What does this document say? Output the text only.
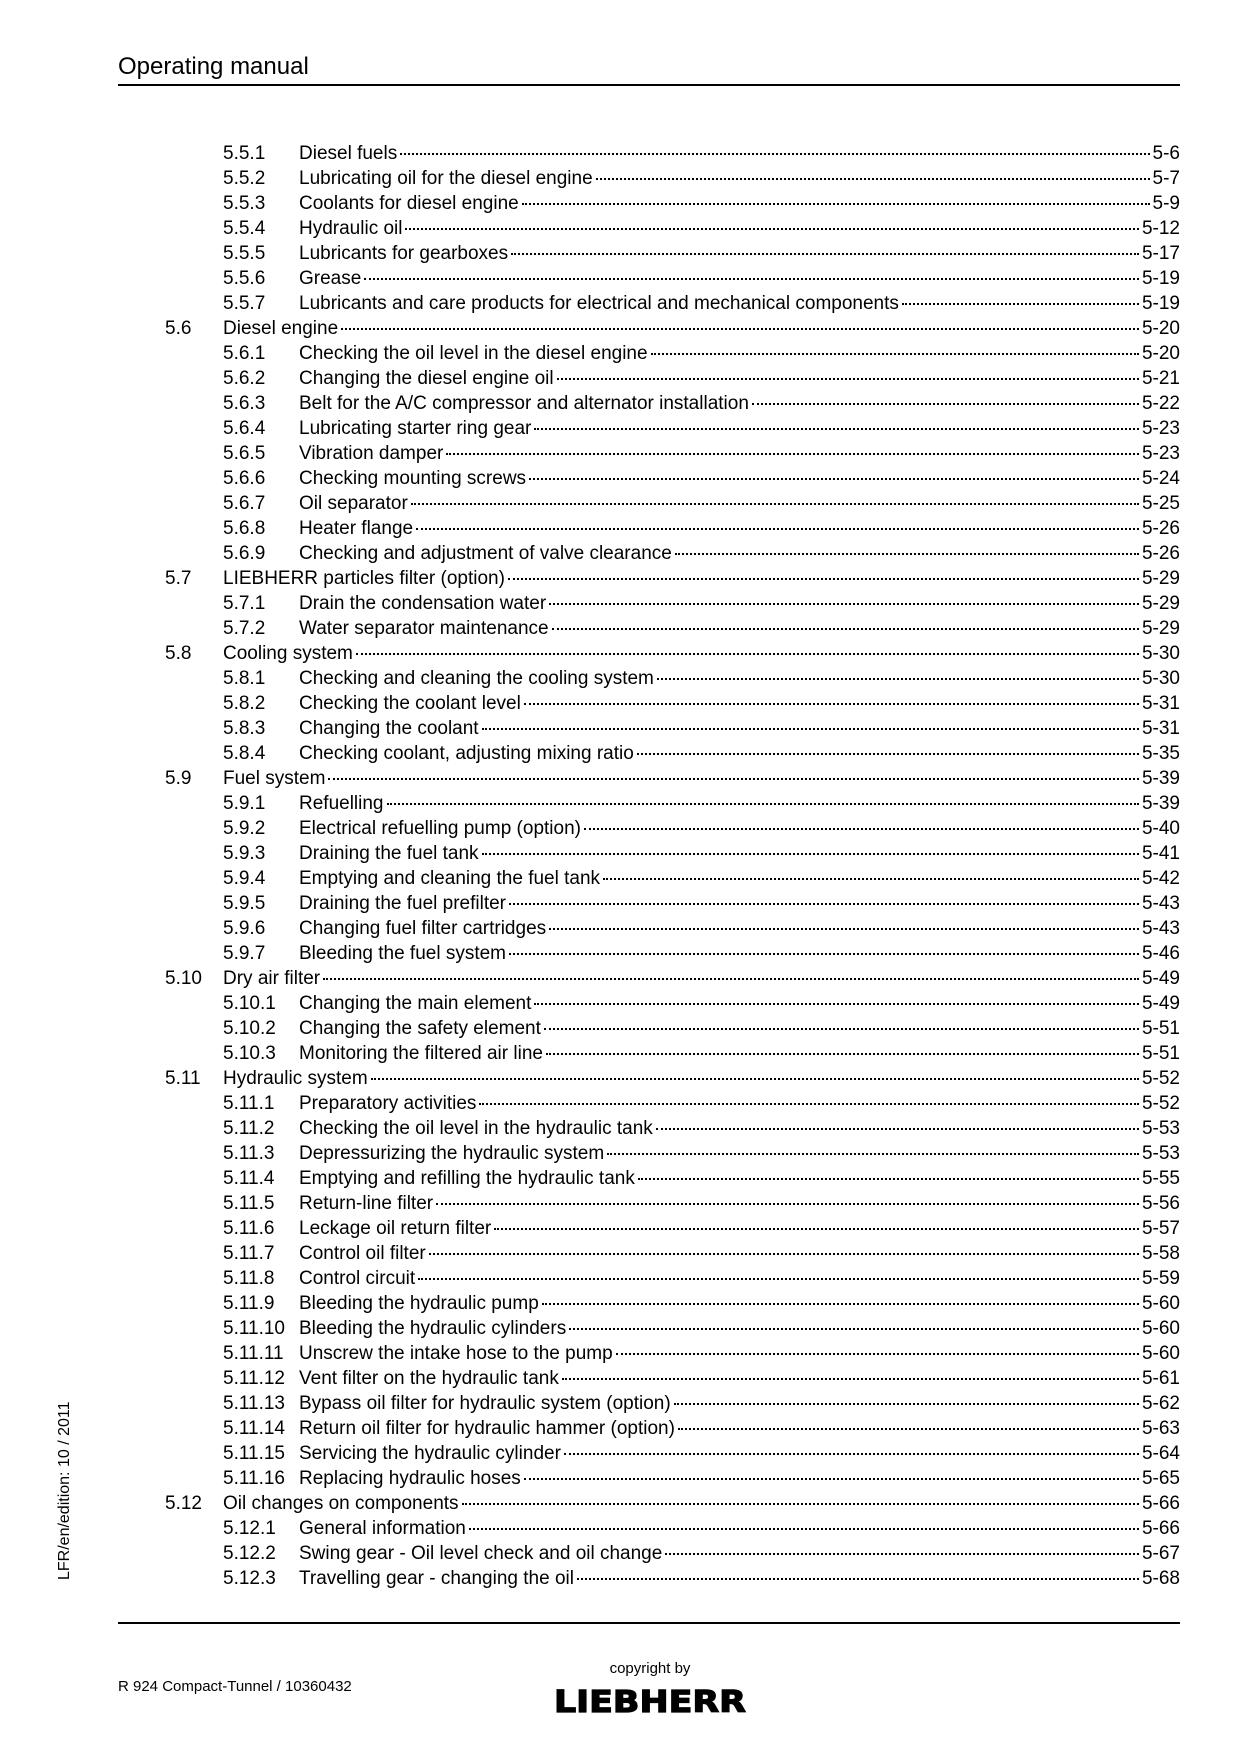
Operating manual
5.5.1 Diesel fuels	5-6
5.5.2 Lubricating oil for the diesel engine	5-7
5.5.3 Coolants for diesel engine	5-9
5.5.4 Hydraulic oil	5-12
5.5.5 Lubricants for gearboxes	5-17
5.5.6 Grease	5-19
5.5.7 Lubricants and care products for electrical and mechanical components	5-19
5.6 Diesel engine	5-20
5.6.1 Checking the oil level in the diesel engine	5-20
5.6.2 Changing the diesel engine oil	5-21
5.6.3 Belt for the A/C compressor and alternator installation	5-22
5.6.4 Lubricating starter ring gear	5-23
5.6.5 Vibration damper	5-23
5.6.6 Checking mounting screws	5-24
5.6.7 Oil separator	5-25
5.6.8 Heater flange	5-26
5.6.9 Checking and adjustment of valve clearance	5-26
5.7 LIEBHERR particles filter (option)	5-29
5.7.1 Drain the condensation water	5-29
5.7.2 Water separator maintenance	5-29
5.8 Cooling system	5-30
5.8.1 Checking and cleaning the cooling system	5-30
5.8.2 Checking the coolant level	5-31
5.8.3 Changing the coolant	5-31
5.8.4 Checking coolant, adjusting mixing ratio	5-35
5.9 Fuel system	5-39
5.9.1 Refuelling	5-39
5.9.2 Electrical refuelling pump (option)	5-40
5.9.3 Draining the fuel tank	5-41
5.9.4 Emptying and cleaning the fuel tank	5-42
5.9.5 Draining the fuel prefilter	5-43
5.9.6 Changing fuel filter cartridges	5-43
5.9.7 Bleeding the fuel system	5-46
5.10 Dry air filter	5-49
5.10.1 Changing the main element	5-49
5.10.2 Changing the safety element	5-51
5.10.3 Monitoring the filtered air line	5-51
5.11 Hydraulic system	5-52
5.11.1 Preparatory activities	5-52
5.11.2 Checking the oil level in the hydraulic tank	5-53
5.11.3 Depressurizing the hydraulic system	5-53
5.11.4 Emptying and refilling the hydraulic tank	5-55
5.11.5 Return-line filter	5-56
5.11.6 Leckage oil return filter	5-57
5.11.7 Control oil filter	5-58
5.11.8 Control circuit	5-59
5.11.9 Bleeding the hydraulic pump	5-60
5.11.10 Bleeding the hydraulic cylinders	5-60
5.11.11 Unscrew the intake hose to the pump	5-60
5.11.12 Vent filter on the hydraulic tank	5-61
5.11.13 Bypass oil filter for hydraulic system (option)	5-62
5.11.14 Return oil filter for hydraulic hammer (option)	5-63
5.11.15 Servicing the hydraulic cylinder	5-64
5.11.16 Replacing hydraulic hoses	5-65
5.12 Oil changes on components	5-66
5.12.1 General information	5-66
5.12.2 Swing gear - Oil level check and oil change	5-67
5.12.3 Travelling gear - changing the oil	5-68
LFR/en/edition: 10 / 2011
R 924 Compact-Tunnel / 10360432
copyright by
LIEBHERR
